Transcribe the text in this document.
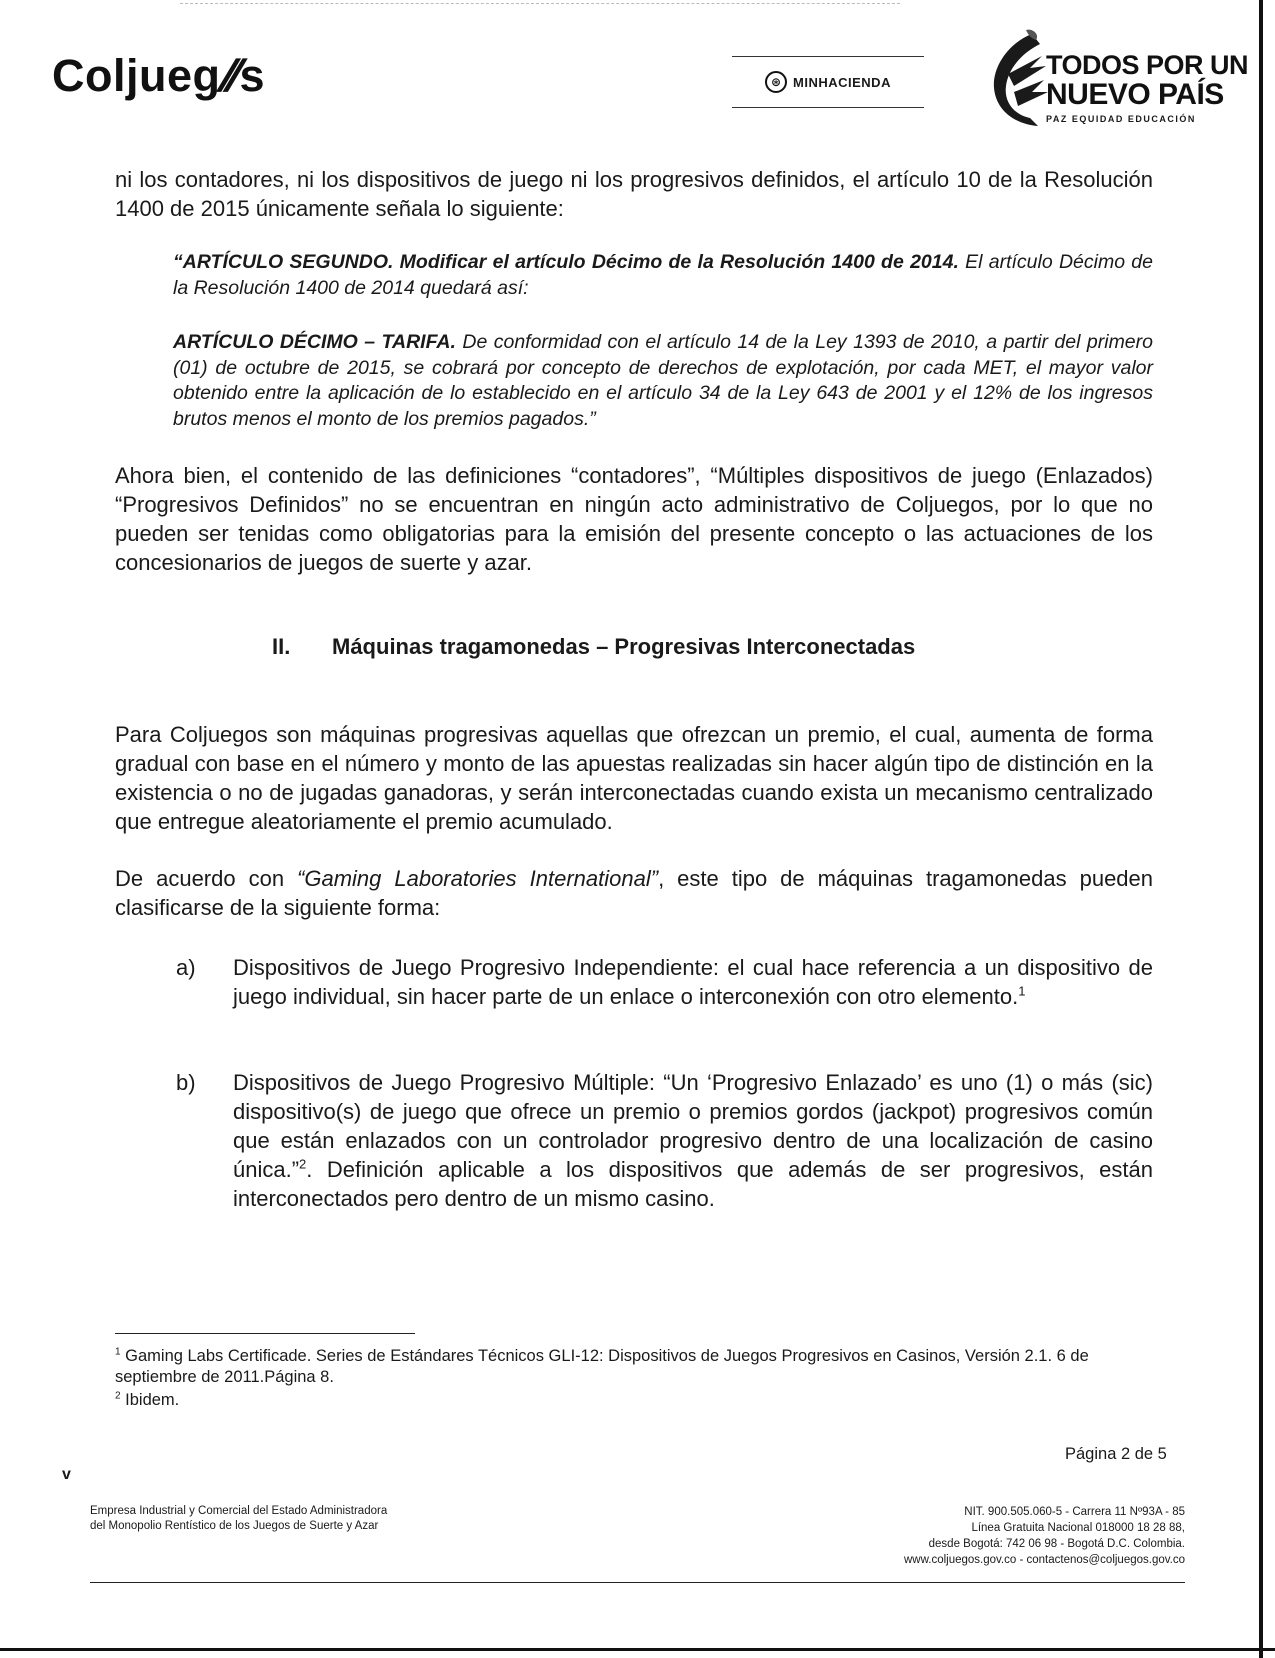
Coljueg//s	⊛ MINHACIENDA
TODOS POR UN
NUEVO PAÍS
PAZ EQUIDAD EDUCACIÓN

ni los contadores, ni los dispositivos de juego ni los progresivos definidos, el artículo 10 de la Resolución 1400 de 2015 únicamente señala lo siguiente:

“ARTÍCULO SEGUNDO. Modificar el artículo Décimo de la Resolución 1400 de 2014. El artículo Décimo de la Resolución 1400 de 2014 quedará así:

ARTÍCULO DÉCIMO – TARIFA. De conformidad con el artículo 14 de la Ley 1393 de 2010, a partir del primero (01) de octubre de 2015, se cobrará por concepto de derechos de explotación, por cada MET, el mayor valor obtenido entre la aplicación de lo establecido en el artículo 34 de la Ley 643 de 2001 y el 12% de los ingresos brutos menos el monto de los premios pagados.”

Ahora bien, el contenido de las definiciones “contadores”, “Múltiples dispositivos de juego (Enlazados) “Progresivos Definidos” no se encuentran en ningún acto administrativo de Coljuegos, por lo que no pueden ser tenidas como obligatorias para la emisión del presente concepto o las actuaciones de los concesionarios de juegos de suerte y azar.

II. Máquinas tragamonedas – Progresivas Interconectadas

Para Coljuegos son máquinas progresivas aquellas que ofrezcan un premio, el cual, aumenta de forma gradual con base en el número y monto de las apuestas realizadas sin hacer algún tipo de distinción en la existencia o no de jugadas ganadoras, y serán interconectadas cuando exista un mecanismo centralizado que entregue aleatoriamente el premio acumulado.

De acuerdo con “Gaming Laboratories International”, este tipo de máquinas tragamonedas pueden clasificarse de la siguiente forma:

a) Dispositivos de Juego Progresivo Independiente: el cual hace referencia a un dispositivo de juego individual, sin hacer parte de un enlace o interconexión con otro elemento.$^1$
b) Dispositivos de Juego Progresivo Múltiple: “Un ‘Progresivo Enlazado’ es uno (1) o más (sic) dispositivo(s) de juego que ofrece un premio o premios gordos (jackpot) progresivos común que están enlazados con un controlador progresivo dentro de una localización de casino única.”$^2$. Definición aplicable a los dispositivos que además de ser progresivos, están interconectados pero dentro de un mismo casino.

$^1$ Gaming Labs Certificade. Series de Estándares Técnicos GLI-12: Dispositivos de Juegos Progresivos en Casinos, Versión 2.1. 6 de septiembre de 2011.Página 8.

$^2$ Ibidem.

Página 2 de 5
v
Empresa Industrial y Comercial del Estado Administradora
del Monopolio Rentístico de los Juegos de Suerte y Azar
NIT. 900.505.060-5 - Carrera 11 Nº93A - 85
Línea Gratuita Nacional 018000 18 28 88,
desde Bogotá: 742 06 98 - Bogotá D.C. Colombia.
www.coljuegos.gov.co - contactenos@coljuegos.gov.co
